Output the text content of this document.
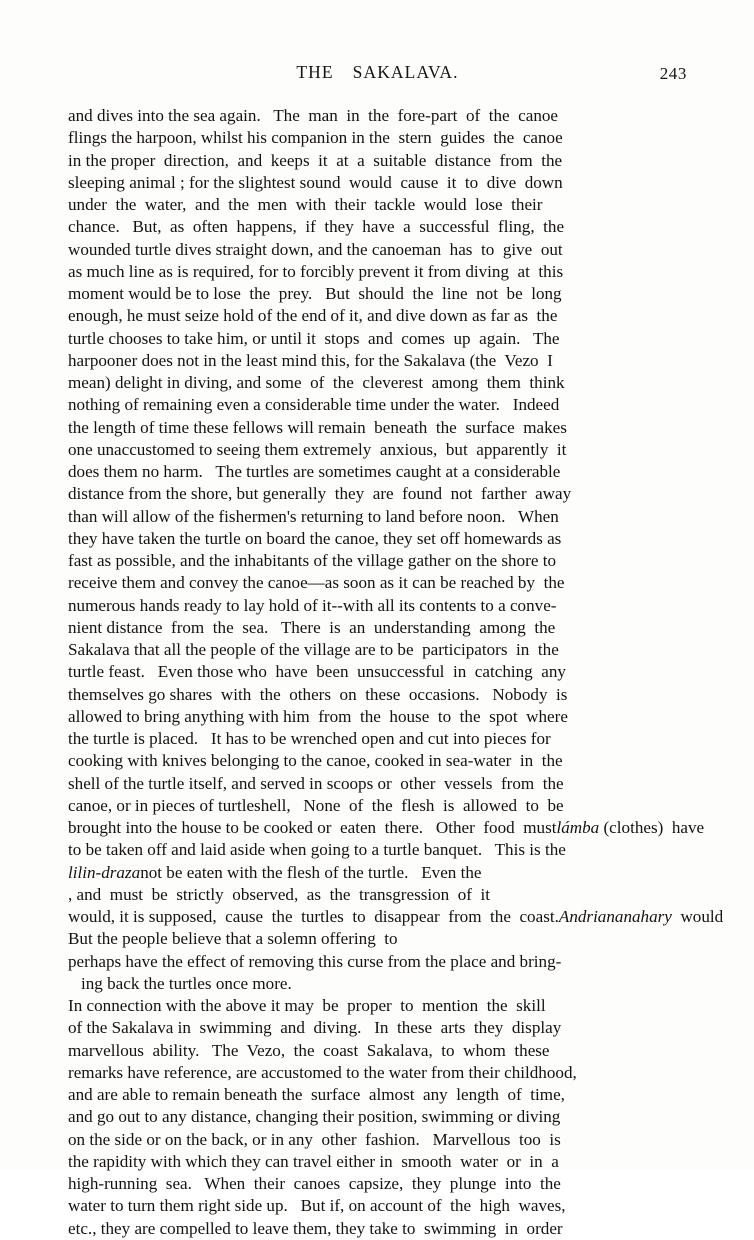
THE  SAKALAVA.	243
and dives into the sea again.   The  man  in  the  fore-part  of  the  canoe
flings the harpoon, whilst his companion in the  stern  guides  the  canoe
in the proper  direction,  and  keeps  it  at  a  suitable  distance  from  the
sleeping animal ; for the slightest sound  would  cause  it  to  dive  down
under  the  water,  and  the  men  with  their  tackle  would  lose  their
chance.   But,  as  often  happens,  if  they  have  a  successful  fling,  the
wounded turtle dives straight down, and the canoeman  has  to  give  out
as much line as is required, for to forcibly prevent it from diving  at  this
moment would be to lose  the  prey.   But  should  the  line  not  be  long
enough, he must seize hold of the end of it, and dive down as far as  the
turtle chooses to take him, or until it  stops  and  comes  up  again.   The
harpooner does not in the least mind this, for the Sakalava (the  Vezo  I
mean) delight in diving, and some  of  the  cleverest  among  them  think
nothing of remaining even a considerable time under the water.   Indeed
the length of time these fellows will remain  beneath  the  surface  makes
one unaccustomed to seeing them extremely  anxious,  but  apparently  it
does them no harm.   The turtles are sometimes caught at a considerable
distance from the shore, but generally  they  are  found  not  farther  away
than will allow of the fishermen's returning to land before noon.   When
they have taken the turtle on board the canoe, they set off homewards as
fast as possible, and the inhabitants of the village gather on the shore to
receive them and convey the canoe—as soon as it can be reached by  the
numerous hands ready to lay hold of it--with all its contents to a conve-
nient distance  from  the  sea.   There  is  an  understanding  among  the
Sakalava that all the people of the village are to be  participators  in  the
turtle feast.   Even those who  have  been  unsuccessful  in  catching  any
themselves go shares  with  the  others  on  these  occasions.   Nobody  is
allowed to bring anything with him  from  the  house  to  the  spot  where
the turtle is placed.   It has to be wrenched open and cut into pieces for
cooking with knives belonging to the canoe, cooked in sea-water  in  the
shell of the turtle itself, and served in scoops or  other  vessels  from  the
canoe, or in pieces of turtleshell,   None  of  the  flesh  is  allowed  to  be
brought into the house to be cooked or  eaten  there.   Other  food  mustlámba (clothes)  have
to be taken off and laid aside when going to a turtle banquet.   This is the
lilin-drazanot be eaten with the flesh of the turtle.   Even the
, and  must  be  strictly  observed,  as  the  transgression  of  it
would, it is supposed,  cause  the  turtles  to  disappear  from  the  coast.Andriananahary  would
But the people believe that a solemn offering  to
perhaps have the effect of removing this curse from the place and bring-
ing back the turtles once more.
In connection with the above it may  be  proper  to  mention  the  skill
of the Sakalava in  swimming  and  diving.   In  these  arts  they  display
marvellous  ability.   The  Vezo,  the  coast  Sakalava,  to  whom  these
remarks have reference, are accustomed to the water from their childhood,
and are able to remain beneath the  surface  almost  any  length  of  time,
and go out to any distance, changing their position, swimming or diving
on the side or on the back, or in any  other  fashion.   Marvellous  too  is
the rapidity with which they can travel either in  smooth  water  or  in  a
high-running  sea.   When  their  canoes  capsize,  they  plunge  into  the
water to turn them right side up.   But if, on account of  the  high  waves,
etc., they are compelled to leave them, they take to  swimming  in  order
